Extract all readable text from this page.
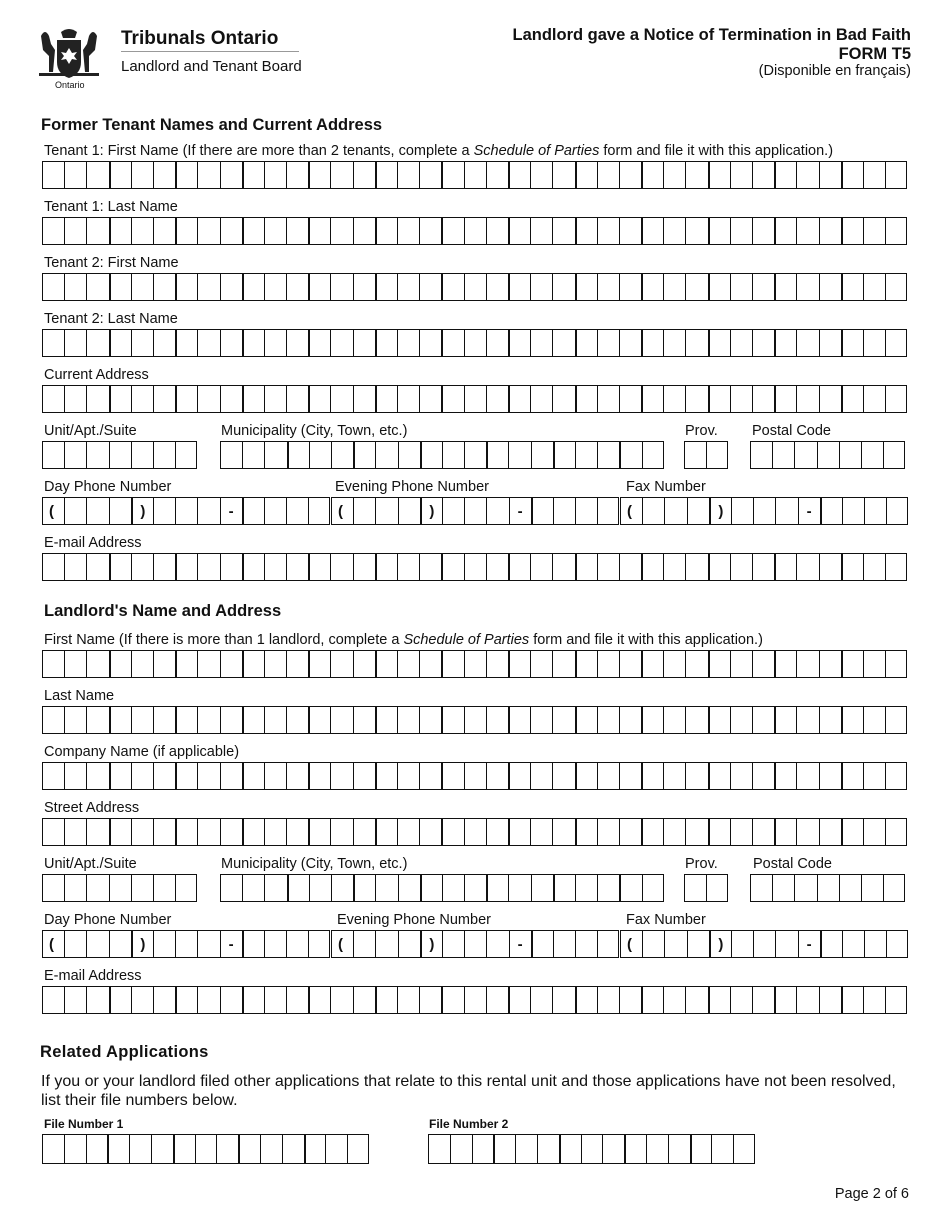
Ontario
Tribunals Ontario
Landlord and Tenant Board
Landlord gave a Notice of Termination in Bad Faith
FORM T5
(Disponible en français)
Former Tenant Names and Current Address
Tenant 1: First Name (If there are more than 2 tenants, complete a Schedule of Parties form and file it with this application.)
Tenant 1: Last Name
Tenant 2: First Name
Tenant 2: Last Name
Current Address
Unit/Apt./Suite	Municipality (City, Town, etc.)	Prov. Postal Code
Day Phone Number	Evening Phone Number	Fax Number
(	)	-	(	)	-	(	)	-
E-mail Address
Landlord's Name and Address
First Name (If there is more than 1 landlord, complete a Schedule of Parties form and file it with this application.)
Last Name
Company Name (if applicable)
Street Address
Unit/Apt./Suite	Municipality (City, Town, etc.)	Prov. Postal Code
Day Phone Number	Evening Phone Number	Fax Number
(	)	-	(	)	-	(	)	-
E-mail Address
Related Applications
If you or your landlord filed other applications that relate to this rental unit and those applications have not been resolved, list their file numbers below.
File Number 1	File Number 2
Page 2 of 6
